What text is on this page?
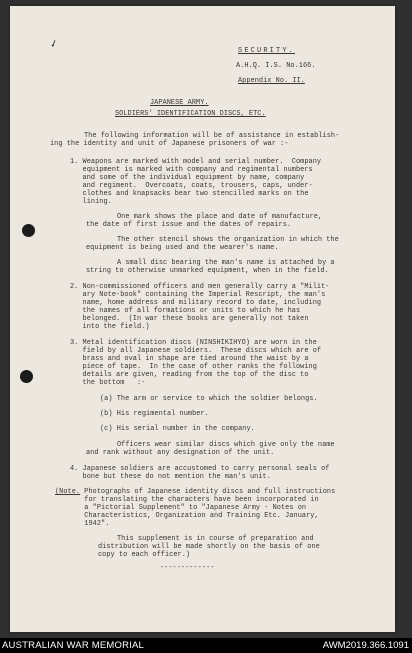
✓	SECURITY.
A.H.Q. I.S. No.166.
Appendix No. II.
JAPANESE ARMY.
SOLDIERS' IDENTIFICATION DISCS, ETC.
The following information will be of assistance in establish-
ing the identity and unit of Japanese prisoners of war :-
1. Weapons are marked with model and serial number.  Company
equipment is marked with company and regimental numbers
and some of the individual equipment by name, company
and regiment.  Overcoats, coats, trousers, caps, under-
clothes and knapsacks bear two stencilled marks on the
lining.
One mark shows the place and date of manufacture,
the date of first issue and the dates of repairs.
The other stencil shows the organization in which the
equipment is being used and the wearer's name.
A small disc bearing the man's name is attached by a
string to otherwise unmarked equipment, when in the field.
2. Non-commissioned officers and men generally carry a "Milit-
ary Note-book" containing the Imperial Rescript, the man's
name, home address and military record to date, including
the names of all formations or units to which he has
belonged.  (In war these books are generally not taken
into the field.)
3. Metal identification discs (NINSHIKIHYO) are worn in the
field by all Japanese soldiers.  These discs which are of
brass and oval in shape are tied around the waist by a
piece of tape.  In the case of other ranks the following
details are given, reading from the top of the disc to
the bottom   :-
(a) The arm or service to which the soldier belongs.
(b) His regimental number.
(c) His serial number in the company.
Officers wear similar discs which give only the name
and rank without any designation of the unit.
4. Japanese soldiers are accustomed to carry personal seals of
bone but these do not mention the man's unit.
(Note. Photographs of Japanese identity discs and full instructions
for translating the characters have been incorporated in
a "Pictorial Supplement" to "Japanese Army - Notes on
Characteristics, Organization and Training Etc. January,
1942".
This supplement is in course of preparation and
distribution will be made shortly on the basis of one
copy to each officer.)
-------------
AUSTRALIAN WAR MEMORIAL	AWM2019.366.1091
